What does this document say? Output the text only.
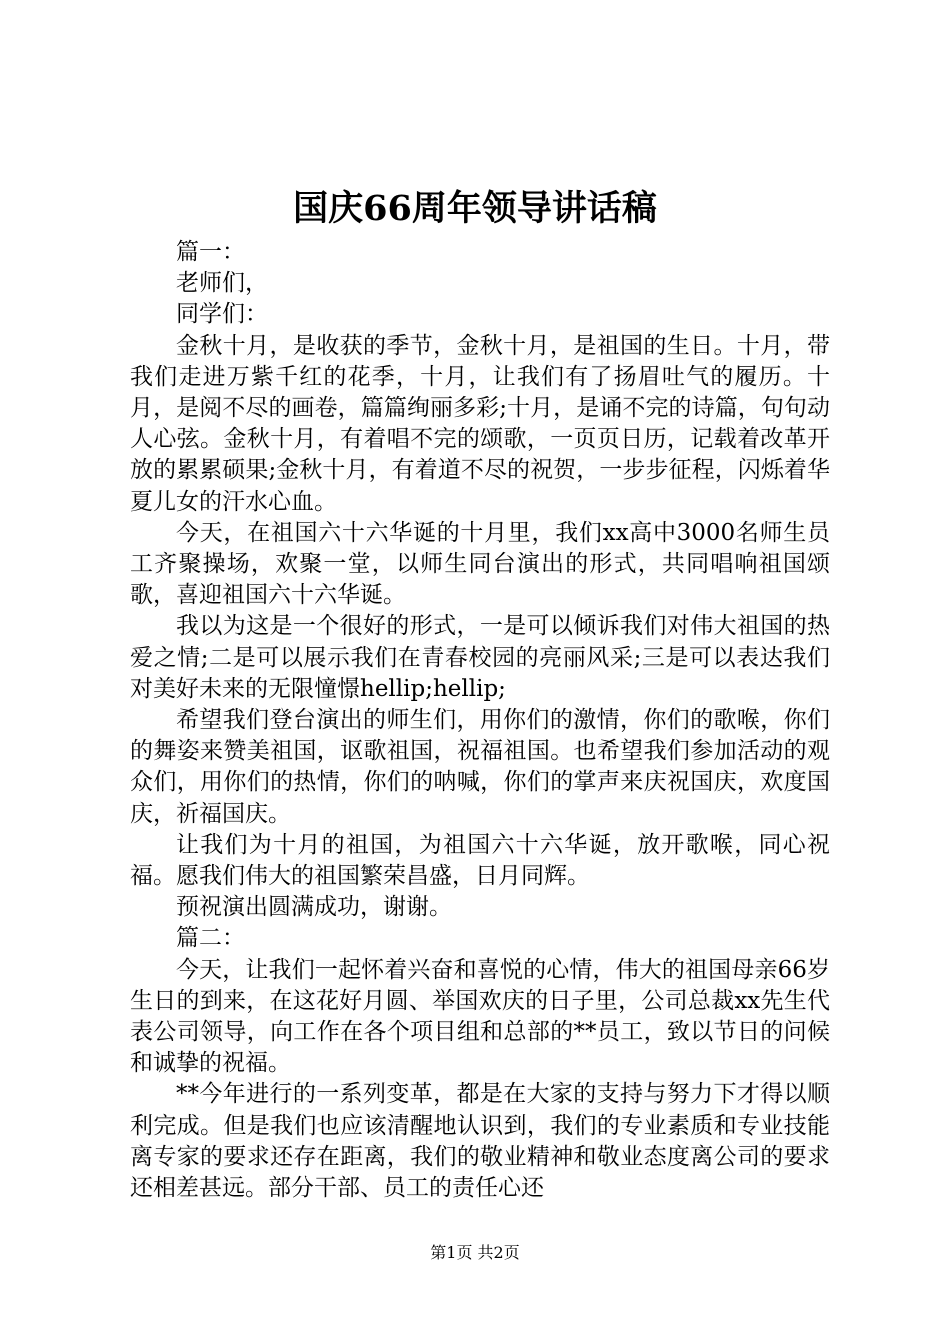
国庆66周年领导讲话稿

篇一：

老师们，

同学们：

金秋十月，是收获的季节，金秋十月，是祖国的生日。十月，带我们走进万紫千红的花季，十月，让我们有了扬眉吐气的履历。十月，是阅不尽的画卷，篇篇绚丽多彩;十月，是诵不完的诗篇，句句动人心弦。金秋十月，有着唱不完的颂歌，一页页日历，记载着改革开放的累累硕果;金秋十月，有着道不尽的祝贺，一步步征程，闪烁着华夏儿女的汗水心血。

今天，在祖国六十六华诞的十月里，我们xx高中3000名师生员工齐聚操场，欢聚一堂，以师生同台演出的形式，共同唱响祖国颂歌，喜迎祖国六十六华诞。

我以为这是一个很好的形式，一是可以倾诉我们对伟大祖国的热爱之情;二是可以展示我们在青春校园的亮丽风采;三是可以表达我们对美好未来的无限憧憬hellip;hellip;

希望我们登台演出的师生们，用你们的激情，你们的歌喉，你们的舞姿来赞美祖国，讴歌祖国，祝福祖国。也希望我们参加活动的观众们，用你们的热情，你们的呐喊，你们的掌声来庆祝国庆，欢度国庆，祈福国庆。

让我们为十月的祖国，为祖国六十六华诞，放开歌喉，同心祝福。愿我们伟大的祖国繁荣昌盛，日月同辉。

预祝演出圆满成功，谢谢。

篇二：

今天，让我们一起怀着兴奋和喜悦的心情，伟大的祖国母亲66岁生日的到来，在这花好月圆、举国欢庆的日子里，公司总裁xx先生代表公司领导，向工作在各个项目组和总部的**员工，致以节日的问候和诚挚的祝福。

**今年进行的一系列变革，都是在大家的支持与努力下才得以顺利完成。但是我们也应该清醒地认识到，我们的专业素质和专业技能离专家的要求还存在距离，我们的敬业精神和敬业态度离公司的要求还相差甚远。部分干部、员工的责任心还

第1页 共2页
